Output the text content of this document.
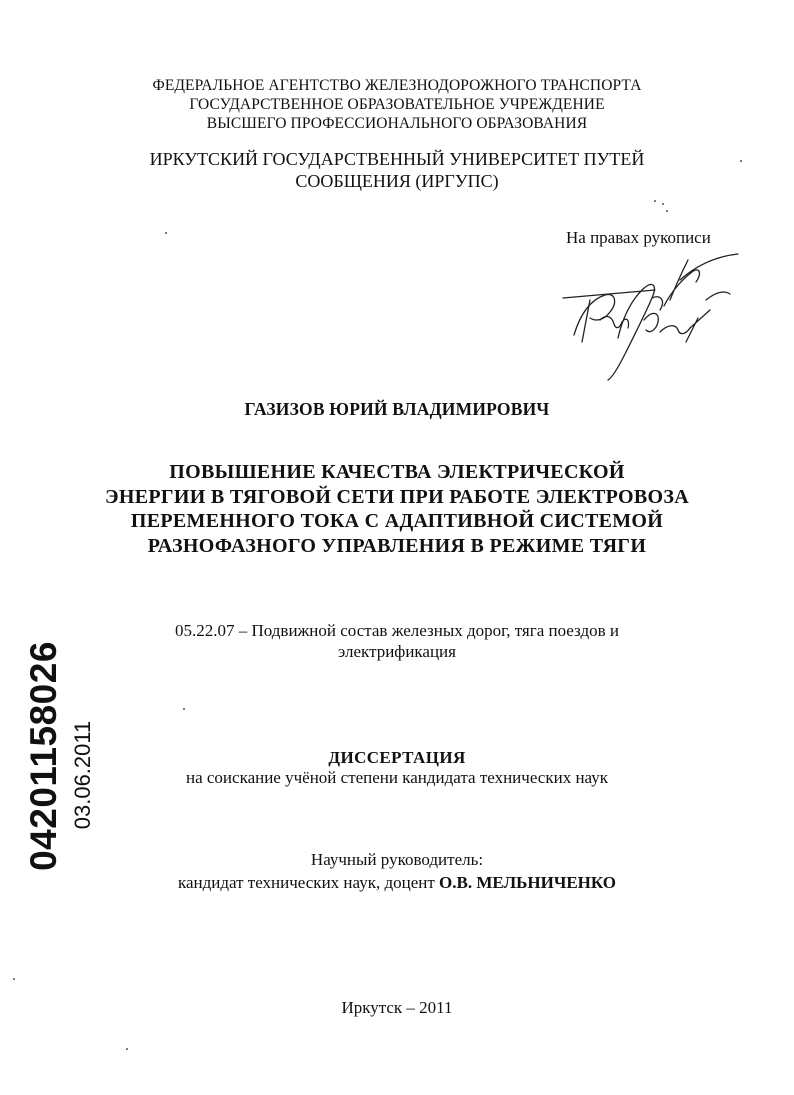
ФЕДЕРАЛЬНОЕ АГЕНТСТВО ЖЕЛЕЗНОДОРОЖНОГО ТРАНСПОРТА
ГОСУДАРСТВЕННОЕ ОБРАЗОВАТЕЛЬНОЕ УЧРЕЖДЕНИЕ
ВЫСШЕГО ПРОФЕССИОНАЛЬНОГО ОБРАЗОВАНИЯ
ИРКУТСКИЙ ГОСУДАРСТВЕННЫЙ УНИВЕРСИТЕТ ПУТЕЙ
СООБЩЕНИЯ (ИРГУПС)
На правах рукописи
ГАЗИЗОВ ЮРИЙ ВЛАДИМИРОВИЧ
ПОВЫШЕНИЕ КАЧЕСТВА ЭЛЕКТРИЧЕСКОЙ
ЭНЕРГИИ В ТЯГОВОЙ СЕТИ ПРИ РАБОТЕ ЭЛЕКТРОВОЗА
ПЕРЕМЕННОГО ТОКА С АДАПТИВНОЙ СИСТЕМОЙ
РАЗНОФАЗНОГО УПРАВЛЕНИЯ В РЕЖИМЕ ТЯГИ
05.22.07 – Подвижной состав железных дорог, тяга поездов и
электрификация
ДИССЕРТАЦИЯ
на соискание учёной степени кандидата технических наук
Научный руководитель:
кандидат технических наук, доцент О.В. МЕЛЬНИЧЕНКО
Иркутск – 2011
04201158026 03.06.2011
